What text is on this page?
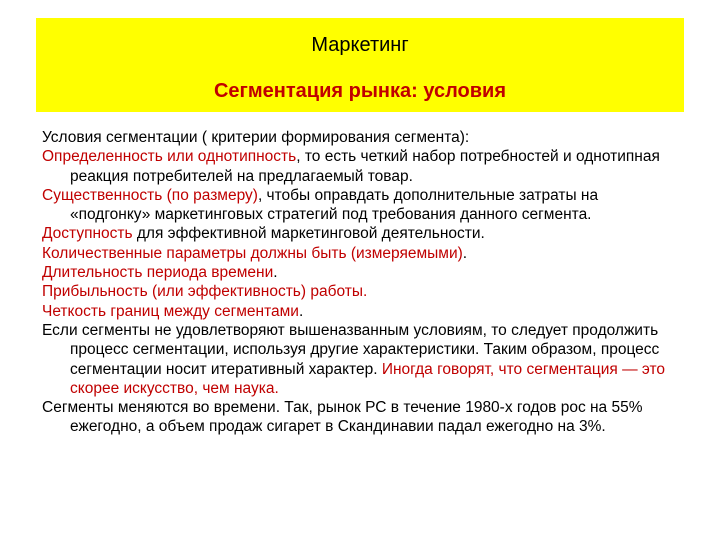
Маркетинг
Сегментация рынка: условия
Условия сегментации ( критерии формирования сегмента):
Определенность или однотипность, то есть четкий набор потребностей и однотипная реакция потребителей на предлагаемый товар.
Существенность (по размеру), чтобы оправдать дополнительные затраты на «подгонку» маркетинговых стратегий под требования данного сегмента.
Доступность для эффективной маркетинговой деятельности.
Количественные параметры должны быть (измеряемыми).
Длительность периода времени.
Прибыльность (или эффективность) работы.
Четкость границ между сегментами.
Если сегменты не удовлетворяют вышеназванным условиям, то следует продолжить процесс сегментации, используя другие характеристики. Таким образом, процесс сегментации носит итеративный характер. Иногда говорят, что сегментация — это скорее искусство, чем наука.
Сегменты меняются во времени. Так, рынок РС в течение 1980-х годов рос на 55% ежегодно, а объем продаж сигарет в Скандинавии падал ежегодно на 3%.
